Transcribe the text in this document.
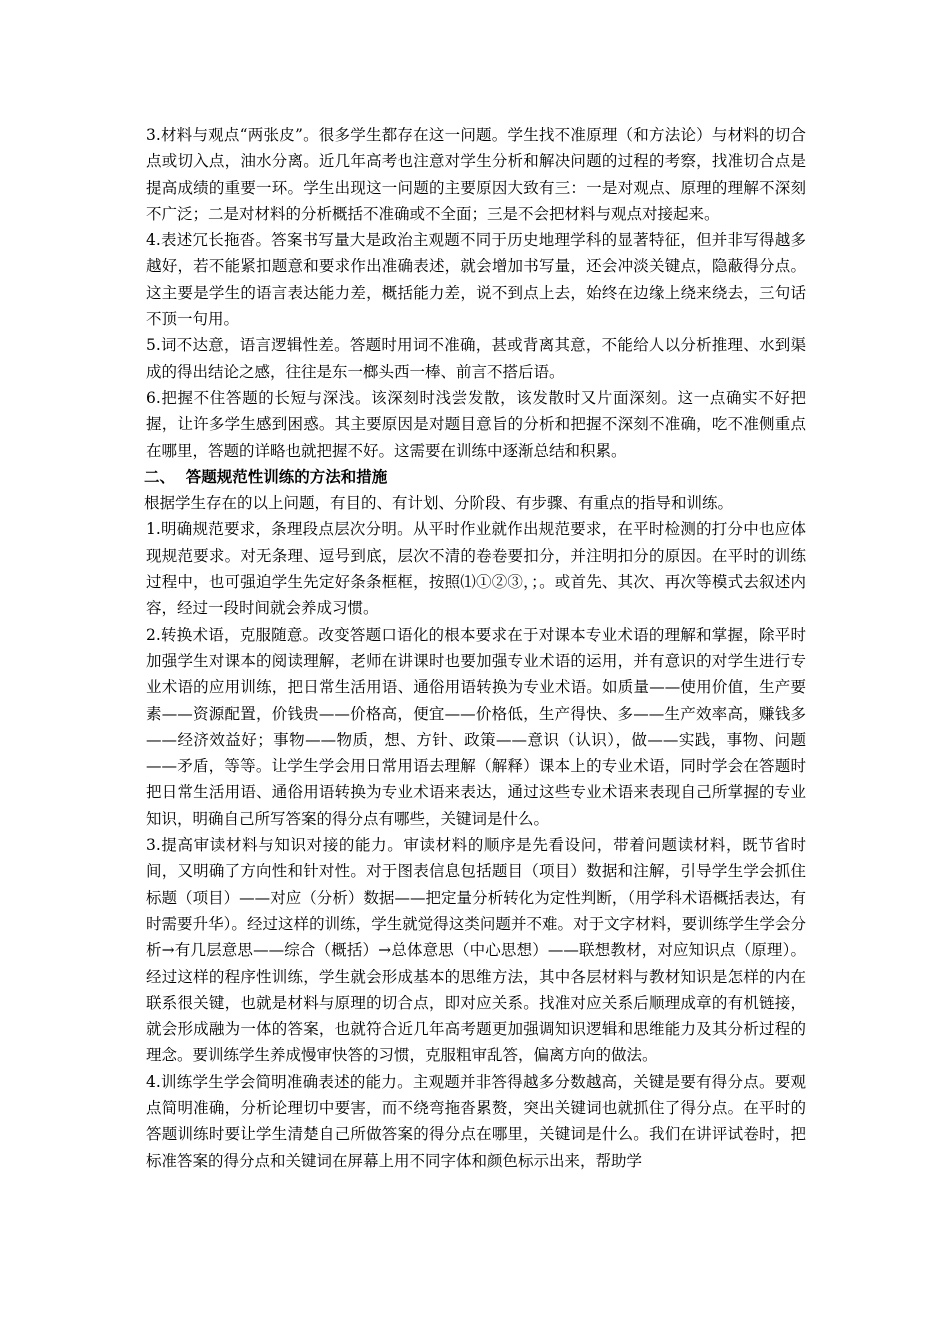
3.材料与观点“两张皮”。很多学生都存在这一问题。学生找不准原理（和方法论）与材料的切合点或切入点，油水分离。近几年高考也注意对学生分析和解决问题的过程的考察，找准切合点是提高成绩的重要一环。学生出现这一问题的主要原因大致有三：一是对观点、原理的理解不深刻不广泛；二是对材料的分析概括不准确或不全面；三是不会把材料与观点对接起来。

4.表述冗长拖沓。答案书写量大是政治主观题不同于历史地理学科的显著特征，但并非写得越多越好，若不能紧扣题意和要求作出准确表述，就会增加书写量，还会冲淡关键点，隐蔽得分点。这主要是学生的语言表达能力差，概括能力差，说不到点上去，始终在边缘上绕来绕去，三句话不顶一句用。

5.词不达意，语言逻辑性差。答题时用词不准确，甚或背离其意，不能给人以分析推理、水到渠成的得出结论之感，往往是东一榔头西一棒、前言不搭后语。

6.把握不住答题的长短与深浅。该深刻时浅尝发散，该发散时又片面深刻。这一点确实不好把握，让许多学生感到困惑。其主要原因是对题目意旨的分析和把握不深刻不准确，吃不准侧重点在哪里，答题的详略也就把握不好。这需要在训练中逐渐总结和积累。

二、  答题规范性训练的方法和措施

根据学生存在的以上问题，有目的、有计划、分阶段、有步骤、有重点的指导和训练。

1.明确规范要求，条理段点层次分明。从平时作业就作出规范要求，在平时检测的打分中也应体现规范要求。对无条理、逗号到底，层次不清的卷卷要扣分，并注明扣分的原因。在平时的训练过程中，也可强迫学生先定好条条框框，按照⑴①②③，；。或首先、其次、再次等模式去叙述内容，经过一段时间就会养成习惯。

2.转换术语，克服随意。改变答题口语化的根本要求在于对课本专业术语的理解和掌握，除平时加强学生对课本的阅读理解，老师在讲课时也要加强专业术语的运用，并有意识的对学生进行专业术语的应用训练，把日常生活用语、通俗用语转换为专业术语。如质量——使用价值，生产要素——资源配置，价钱贵——价格高，便宜——价格低，生产得快、多——生产效率高，赚钱多——经济效益好；事物——物质，想、方针、政策——意识（认识），做——实践，事物、问题——矛盾，等等。让学生学会用日常用语去理解（解释）课本上的专业术语，同时学会在答题时把日常生活用语、通俗用语转换为专业术语来表达，通过这些专业术语来表现自己所掌握的专业知识，明确自己所写答案的得分点有哪些，关键词是什么。

3.提高审读材料与知识对接的能力。审读材料的顺序是先看设问，带着问题读材料，既节省时间，又明确了方向性和针对性。对于图表信息包括题目（项目）数据和注解，引导学生学会抓住标题（项目）——对应（分析）数据——把定量分析转化为定性判断，（用学科术语概括表达，有时需要升华）。经过这样的训练，学生就觉得这类问题并不难。对于文字材料，要训练学生学会分析→有几层意思——综合（概括）→总体意思（中心思想）——联想教材，对应知识点（原理）。经过这样的程序性训练，学生就会形成基本的思维方法，其中各层材料与教材知识是怎样的内在联系很关键，也就是材料与原理的切合点，即对应关系。找准对应关系后顺理成章的有机链接，就会形成融为一体的答案，也就符合近几年高考题更加强调知识逻辑和思维能力及其分析过程的理念。要训练学生养成慢审快答的习惯，克服粗审乱答，偏离方向的做法。

4.训练学生学会简明准确表述的能力。主观题并非答得越多分数越高，关键是要有得分点。要观点简明准确，分析论理切中要害，而不绕弯拖沓累赘，突出关键词也就抓住了得分点。在平时的答题训练时要让学生清楚自己所做答案的得分点在哪里，关键词是什么。我们在讲评试卷时，把标准答案的得分点和关键词在屏幕上用不同字体和颜色标示出来，帮助学
